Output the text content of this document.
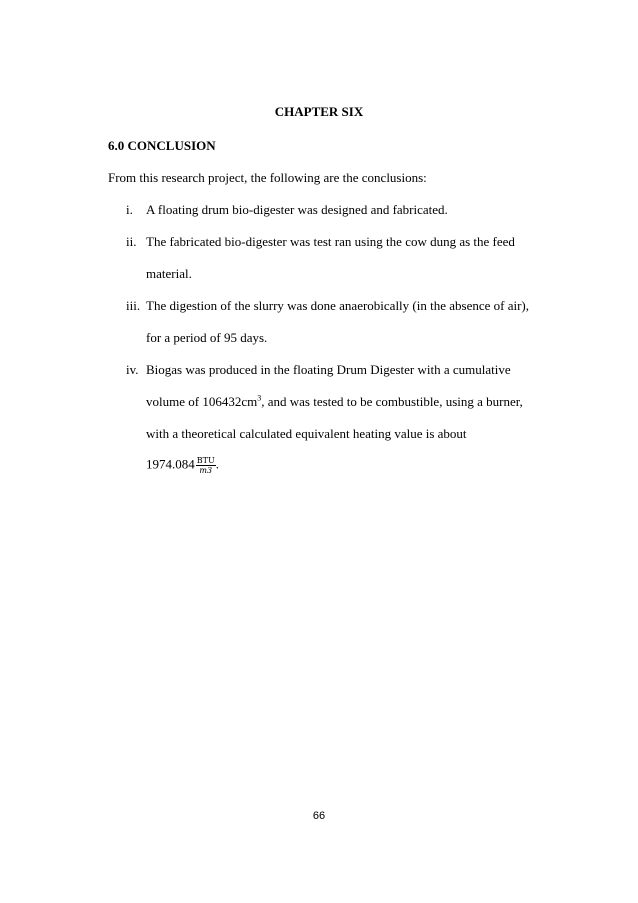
CHAPTER SIX

6.0 CONCLUSION

From this research project, the following are the conclusions:

i. A floating drum bio-digester was designed and fabricated.
ii. The fabricated bio-digester was test ran using the cow dung as the feed
material.
iii. The digestion of the slurry was done anaerobically (in the absence of air),
for a period of 95 days.
iv. Biogas was produced in the floating Drum Digester with a cumulative
volume of $106432cm^3$, and was tested to be combustible, using a burner,
with a theoretical calculated equivalent heating value is about
$1974.084 \frac{\text{BTU}}{m3}$ .

66
